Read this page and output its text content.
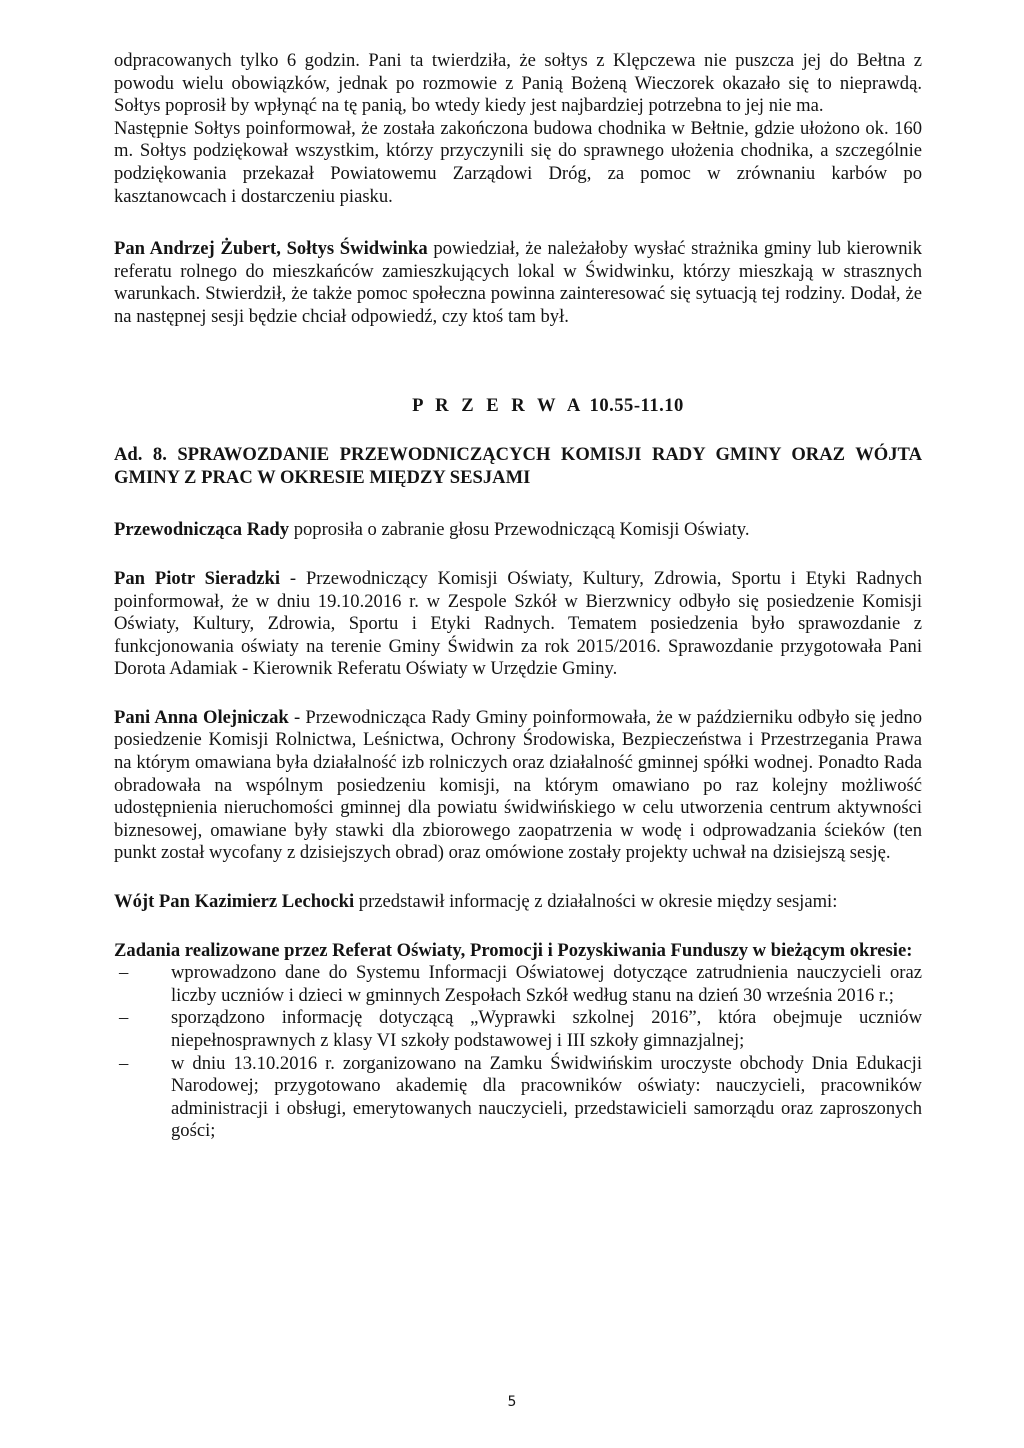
odpracowanych tylko 6 godzin. Pani ta twierdziła, że sołtys z Klępczewa nie puszcza jej do Bełtna z powodu wielu obowiązków, jednak po rozmowie z Panią Bożeną Wieczorek okazało się to nieprawdą. Sołtys poprosił by wpłynąć na tę panią, bo wtedy kiedy jest najbardziej potrzebna to jej nie ma.

Następnie Sołtys poinformował, że została zakończona budowa chodnika w Bełtnie, gdzie ułożono ok. 160 m. Sołtys podziękował wszystkim, którzy przyczynili się do sprawnego ułożenia chodnika, a szczególnie podziękowania przekazał Powiatowemu Zarządowi Dróg, za pomoc w zrównaniu karbów po kasztanowcach i dostarczeniu piasku.

Pan Andrzej Żubert, Sołtys Świdwinka powiedział, że należałoby wysłać strażnika gminy lub kierownik referatu rolnego do mieszkańców zamieszkujących lokal w Świdwinku, którzy mieszkają w strasznych warunkach. Stwierdził, że także pomoc społeczna powinna zainteresować się sytuacją tej rodziny. Dodał, że na następnej sesji będzie chciał odpowiedź, czy ktoś tam był.

P R Z E R W A 10.55-11.10

Ad. 8. SPRAWOZDANIE PRZEWODNICZĄCYCH KOMISJI RADY GMINY ORAZ WÓJTA GMINY Z PRAC W OKRESIE MIĘDZY SESJAMI

Przewodnicząca Rady poprosiła o zabranie głosu Przewodniczącą Komisji Oświaty.

Pan Piotr Sieradzki - Przewodniczący Komisji Oświaty, Kultury, Zdrowia, Sportu i Etyki Radnych poinformował, że w dniu 19.10.2016 r. w Zespole Szkół w Bierzwnicy odbyło się posiedzenie Komisji Oświaty, Kultury, Zdrowia, Sportu i Etyki Radnych. Tematem posiedzenia było sprawozdanie z funkcjonowania oświaty na terenie Gminy Świdwin za rok 2015/2016. Sprawozdanie przygotowała Pani Dorota Adamiak - Kierownik Referatu Oświaty w Urzędzie Gminy.

Pani Anna Olejniczak - Przewodnicząca Rady Gminy poinformowała, że w październiku odbyło się jedno posiedzenie Komisji Rolnictwa, Leśnictwa, Ochrony Środowiska, Bezpieczeństwa i Przestrzegania Prawa na którym omawiana była działalność izb rolniczych oraz działalność gminnej spółki wodnej. Ponadto Rada obradowała na wspólnym posiedzeniu komisji, na którym omawiano po raz kolejny możliwość udostępnienia nieruchomości gminnej dla powiatu świdwińskiego w celu utworzenia centrum aktywności biznesowej, omawiane były stawki dla zbiorowego zaopatrzenia w wodę i odprowadzania ścieków (ten punkt został wycofany z dzisiejszych obrad) oraz omówione zostały projekty uchwał na dzisiejszą sesję.

Wójt Pan Kazimierz Lechocki przedstawił informację z działalności w okresie między sesjami:

Zadania realizowane przez Referat Oświaty, Promocji i Pozyskiwania Funduszy w bieżącym okresie:

– wprowadzono dane do Systemu Informacji Oświatowej dotyczące zatrudnienia nauczycieli oraz liczby uczniów i dzieci w gminnych Zespołach Szkół według stanu na dzień 30 września 2016 r.;
– sporządzono informację dotyczącą „Wyprawki szkolnej 2016”, która obejmuje uczniów niepełnosprawnych z klasy VI szkoły podstawowej i III szkoły gimnazjalnej;
– w dniu 13.10.2016 r. zorganizowano na Zamku Świdwińskim uroczyste obchody Dnia Edukacji Narodowej; przygotowano akademię dla pracowników oświaty: nauczycieli, pracowników administracji i obsługi, emerytowanych nauczycieli, przedstawicieli samorządu oraz zaproszonych gości;
5
